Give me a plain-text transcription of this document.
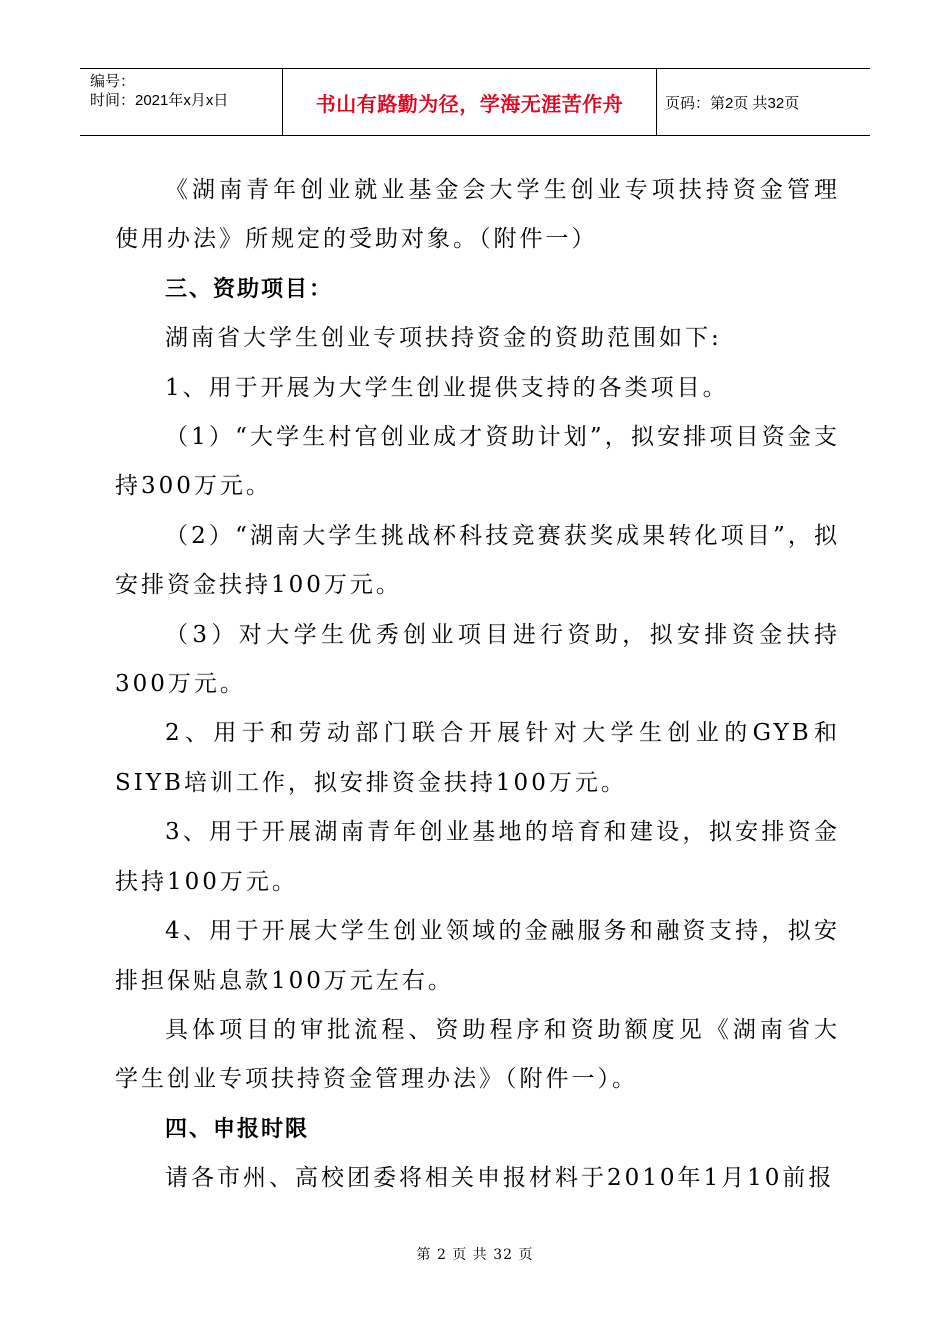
编号：
时间：2021年x月x日	书山有路勤为径，学海无涯苦作舟	页码：第2页 共32页

《湖南青年创业就业基金会大学生创业专项扶持资金管理使用办法》所规定的受助对象。（附件一）

三、资助项目：

湖南省大学生创业专项扶持资金的资助范围如下:

1、用于开展为大学生创业提供支持的各类项目。

（1）“大学生村官创业成才资助计划”，拟安排项目资金支持300万元。

（2）“湖南大学生挑战杯科技竞赛获奖成果转化项目”，拟安排资金扶持100万元。

（3）对大学生优秀创业项目进行资助，拟安排资金扶持300万元。

2、用于和劳动部门联合开展针对大学生创业的GYB和SIYB培训工作，拟安排资金扶持100万元。

3、用于开展湖南青年创业基地的培育和建设，拟安排资金扶持100万元。

4、用于开展大学生创业领域的金融服务和融资支持，拟安排担保贴息款100万元左右。

具体项目的审批流程、资助程序和资助额度见《湖南省大学生创业专项扶持资金管理办法》（附件一）。

四、申报时限

请各市州、高校团委将相关申报材料于2010年1月10前报

第 2 页 共 32 页
